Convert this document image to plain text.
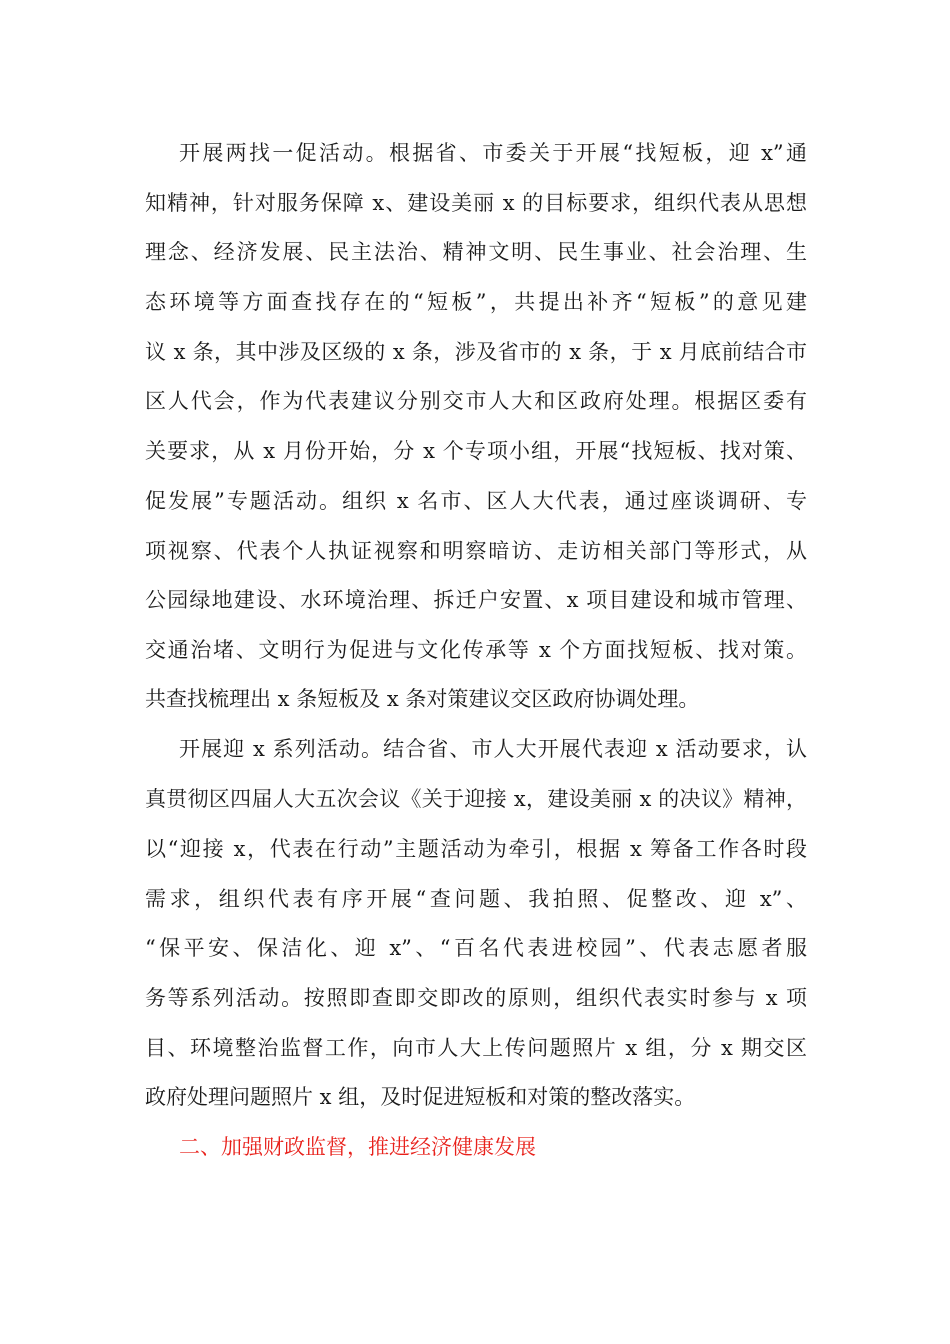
开展两找一促活动。根据省、市委关于开展“找短板，迎 x”通
知精神，针对服务保障 x、建设美丽 x 的目标要求，组织代表从思想
理念、经济发展、民主法治、精神文明、民生事业、社会治理、生
态环境等方面查找存在的“短板”，共提出补齐“短板”的意见建
议 x 条，其中涉及区级的 x 条，涉及省市的 x 条，于 x 月底前结合市
区人代会，作为代表建议分别交市人大和区政府处理。根据区委有
关要求，从 x 月份开始，分 x 个专项小组，开展“找短板、找对策、
促发展”专题活动。组织 x 名市、区人大代表，通过座谈调研、专
项视察、代表个人执证视察和明察暗访、走访相关部门等形式，从
公园绿地建设、水环境治理、拆迁户安置、x 项目建设和城市管理、
交通治堵、文明行为促进与文化传承等 x 个方面找短板、找对策。
共查找梳理出 x 条短板及 x 条对策建议交区政府协调处理。
开展迎 x 系列活动。结合省、市人大开展代表迎 x 活动要求，认
真贯彻区四届人大五次会议《关于迎接 x，建设美丽 x 的决议》精神，
以“迎接 x，代表在行动”主题活动为牵引，根据 x 筹备工作各时段
需求，组织代表有序开展“查问题、我拍照、促整改、迎 x”、
“保平安、保洁化、迎 x”、“百名代表进校园”、代表志愿者服
务等系列活动。按照即查即交即改的原则，组织代表实时参与 x 项
目、环境整治监督工作，向市人大上传问题照片 x 组，分 x 期交区
政府处理问题照片 x 组，及时促进短板和对策的整改落实。
二、加强财政监督，推进经济健康发展
